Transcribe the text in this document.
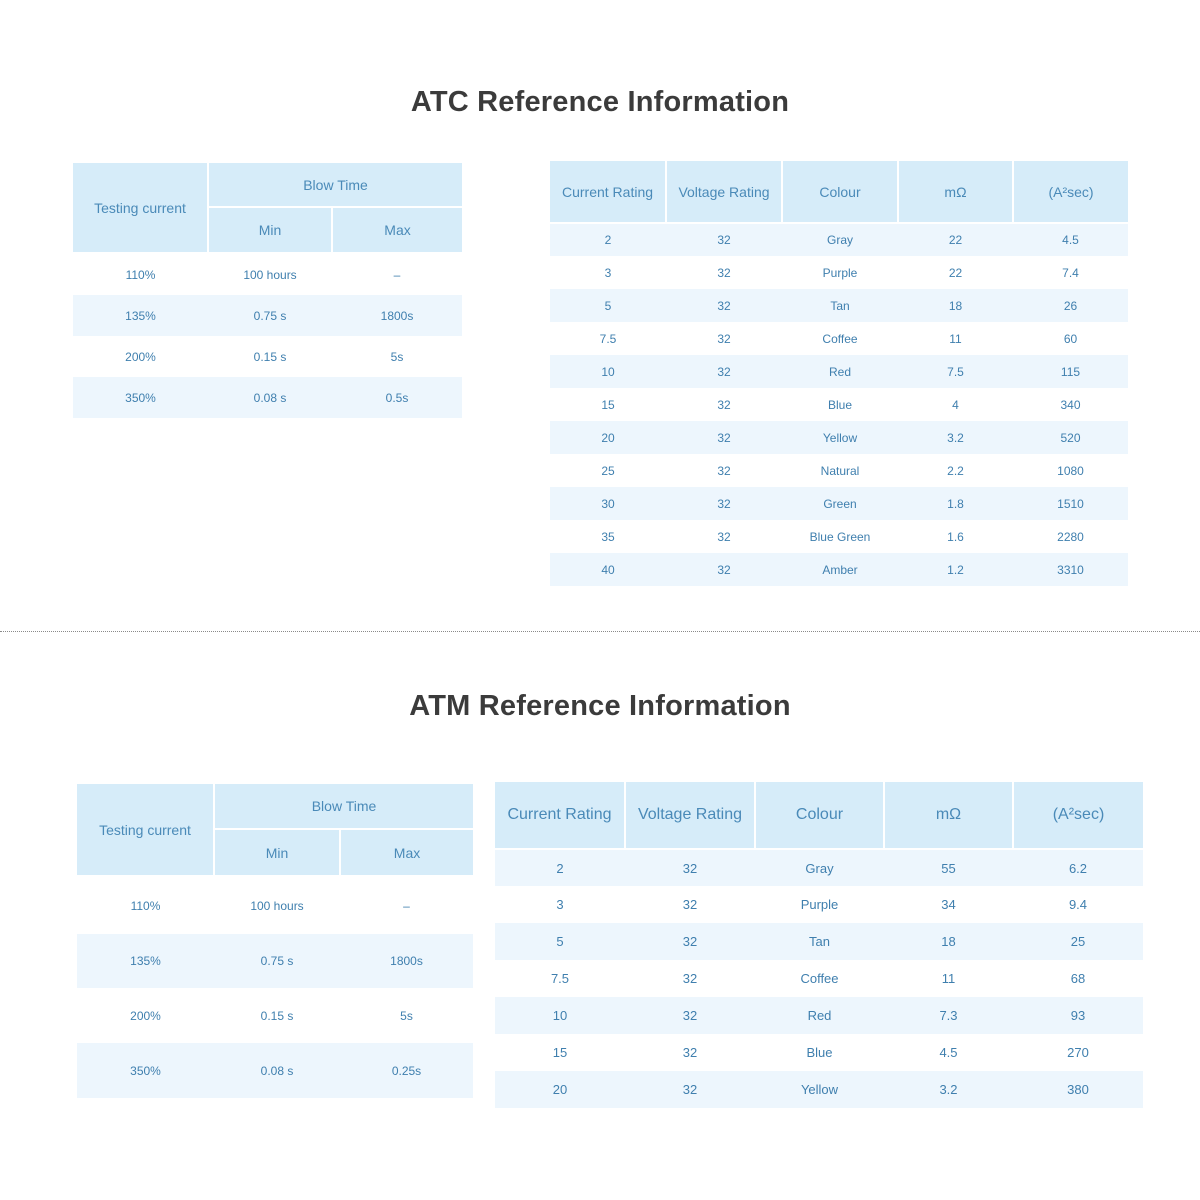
ATC Reference Information
Testing current	Blow Time	
	Min	Max
110%	100 hours	–
135%	0.75 s	1800s
200%	0.15 s	5s
350%	0.08 s	0.5s
Current Rating	Voltage Rating	Colour	mΩ	(A²sec)
2	32	Gray	22	4.5
3	32	Purple	22	7.4
5	32	Tan	18	26
7.5	32	Coffee	11	60
10	32	Red	7.5	115
15	32	Blue	4	340
20	32	Yellow	3.2	520
25	32	Natural	2.2	1080
30	32	Green	1.8	1510
35	32	Blue Green	1.6	2280
40	32	Amber	1.2	3310
ATM Reference Information
Testing current	Blow Time	
	Min	Max
110%	100 hours	–
135%	0.75 s	1800s
200%	0.15 s	5s
350%	0.08 s	0.25s
Current Rating	Voltage Rating	Colour	mΩ	(A²sec)
2	32	Gray	55	6.2
3	32	Purple	34	9.4
5	32	Tan	18	25
7.5	32	Coffee	11	68
10	32	Red	7.3	93
15	32	Blue	4.5	270
20	32	Yellow	3.2	380
